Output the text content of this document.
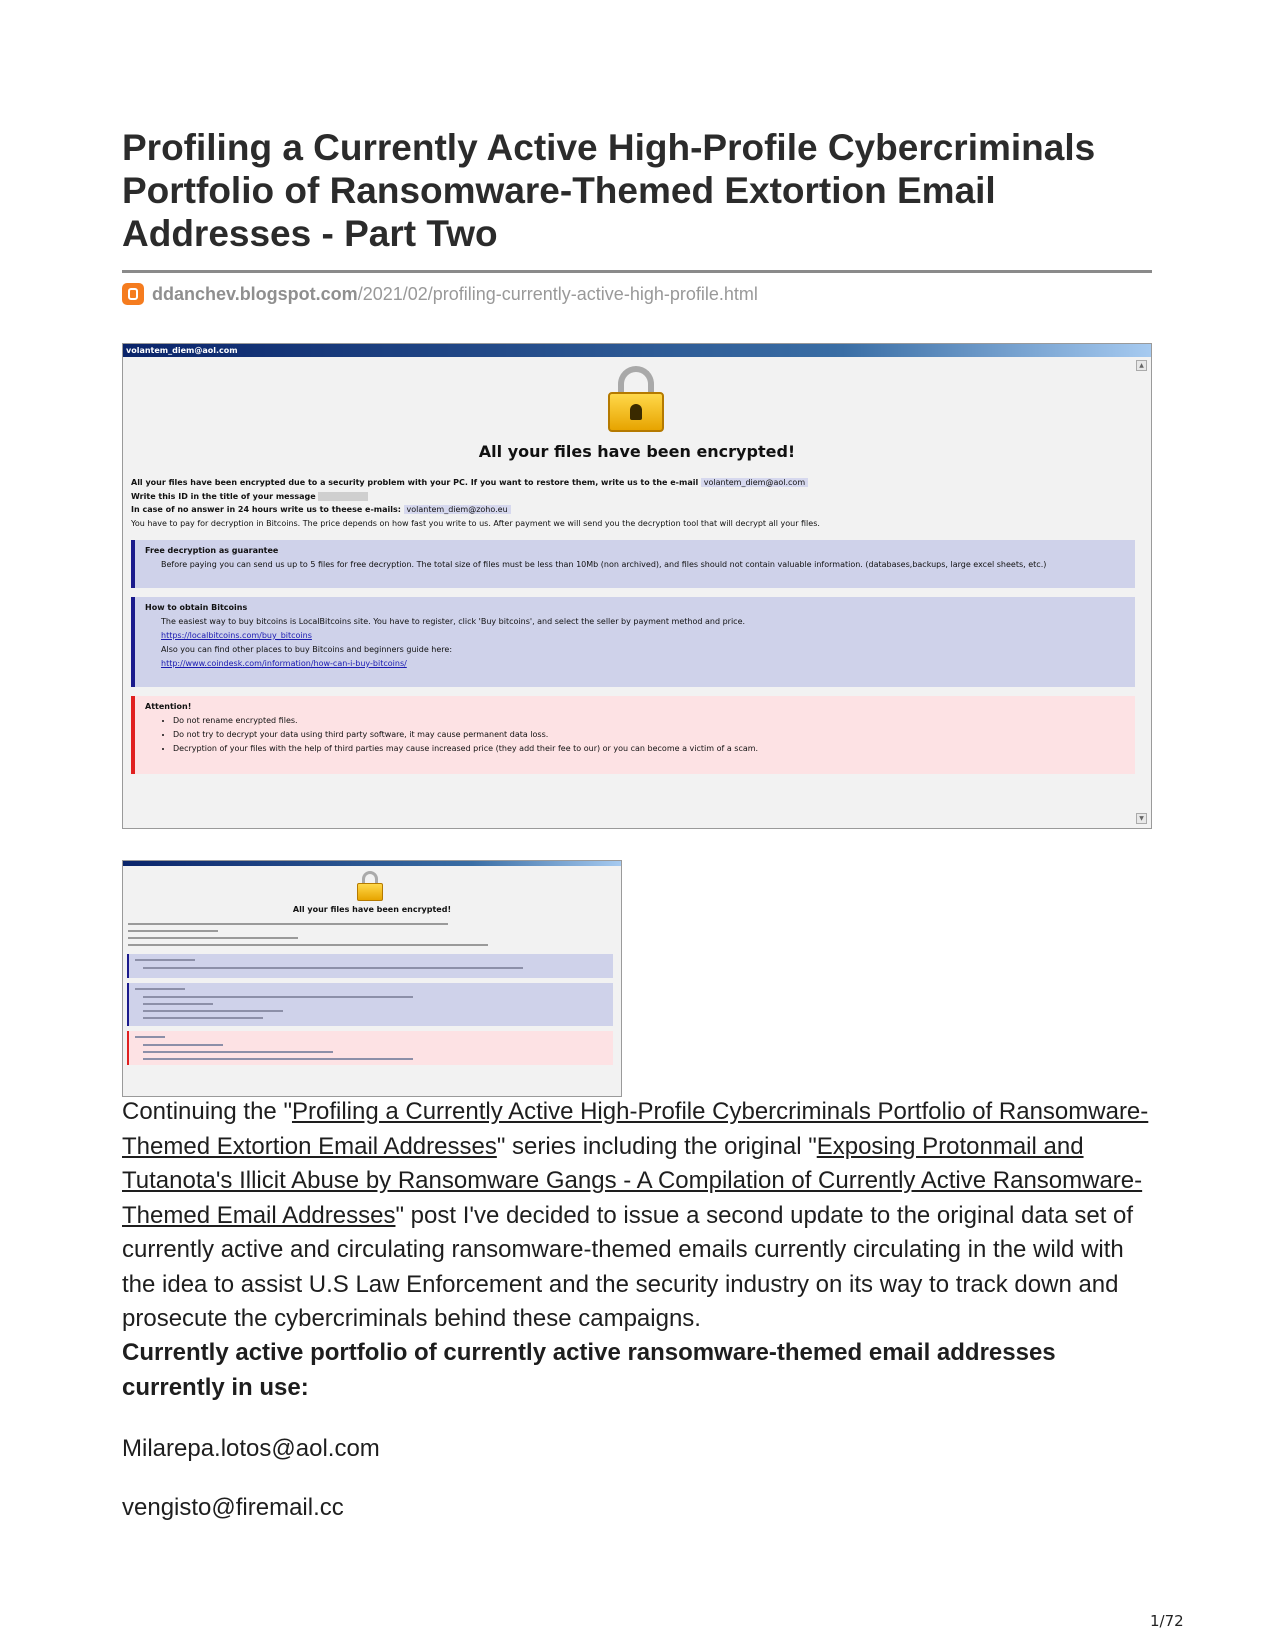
Profiling a Currently Active High-Profile Cybercriminals Portfolio of Ransomware-Themed Extortion Email Addresses - Part Two
ddanchev.blogspot.com /2021/02/profiling-currently-active-high-profile.html
volantem_diem@aol.com
▲
All your files have been encrypted!
All your files have been encrypted due to a security problem with your PC. If you want to restore them, write us to the e-mail volantem_diem@aol.com
Write this ID in the title of your message
In case of no answer in 24 hours write us to theese e-mails: volantem_diem@zoho.eu
You have to pay for decryption in Bitcoins. The price depends on how fast you write to us. After payment we will send you the decryption tool that will decrypt all your files.
Free decryption as guarantee
Before paying you can send us up to 5 files for free decryption. The total size of files must be less than 10Mb (non archived), and files should not contain valuable information. (databases,backups, large excel sheets, etc.)
How to obtain Bitcoins
The easiest way to buy bitcoins is LocalBitcoins site. You have to register, click 'Buy bitcoins', and select the seller by payment method and price.
https://localbitcoins.com/buy_bitcoins
Also you can find other places to buy Bitcoins and beginners guide here:
http://www.coindesk.com/information/how-can-i-buy-bitcoins/
Attention!
• Do not rename encrypted files.
• Do not try to decrypt your data using third party software, it may cause permanent data loss.
• Decryption of your files with the help of third parties may cause increased price (they add their fee to our) or you can become a victim of a scam.
▼
All your files have been encrypted!

Continuing the "Profiling a Currently Active High-Profile Cybercriminals Portfolio of Ransomware-Themed Extortion Email Addresses" series including the original "Exposing Protonmail and Tutanota's Illicit Abuse by Ransomware Gangs - A Compilation of Currently Active Ransomware-Themed Email Addresses" post I've decided to issue a second update to the original data set of currently active and circulating ransomware-themed emails currently circulating in the wild with the idea to assist U.S Law Enforcement and the security industry on its way to track down and prosecute the cybercriminals behind these campaigns.

Currently active portfolio of currently active ransomware-themed email addresses currently in use:

Milarepa.lotos@aol.com

vengisto@firemail.cc

1/72
